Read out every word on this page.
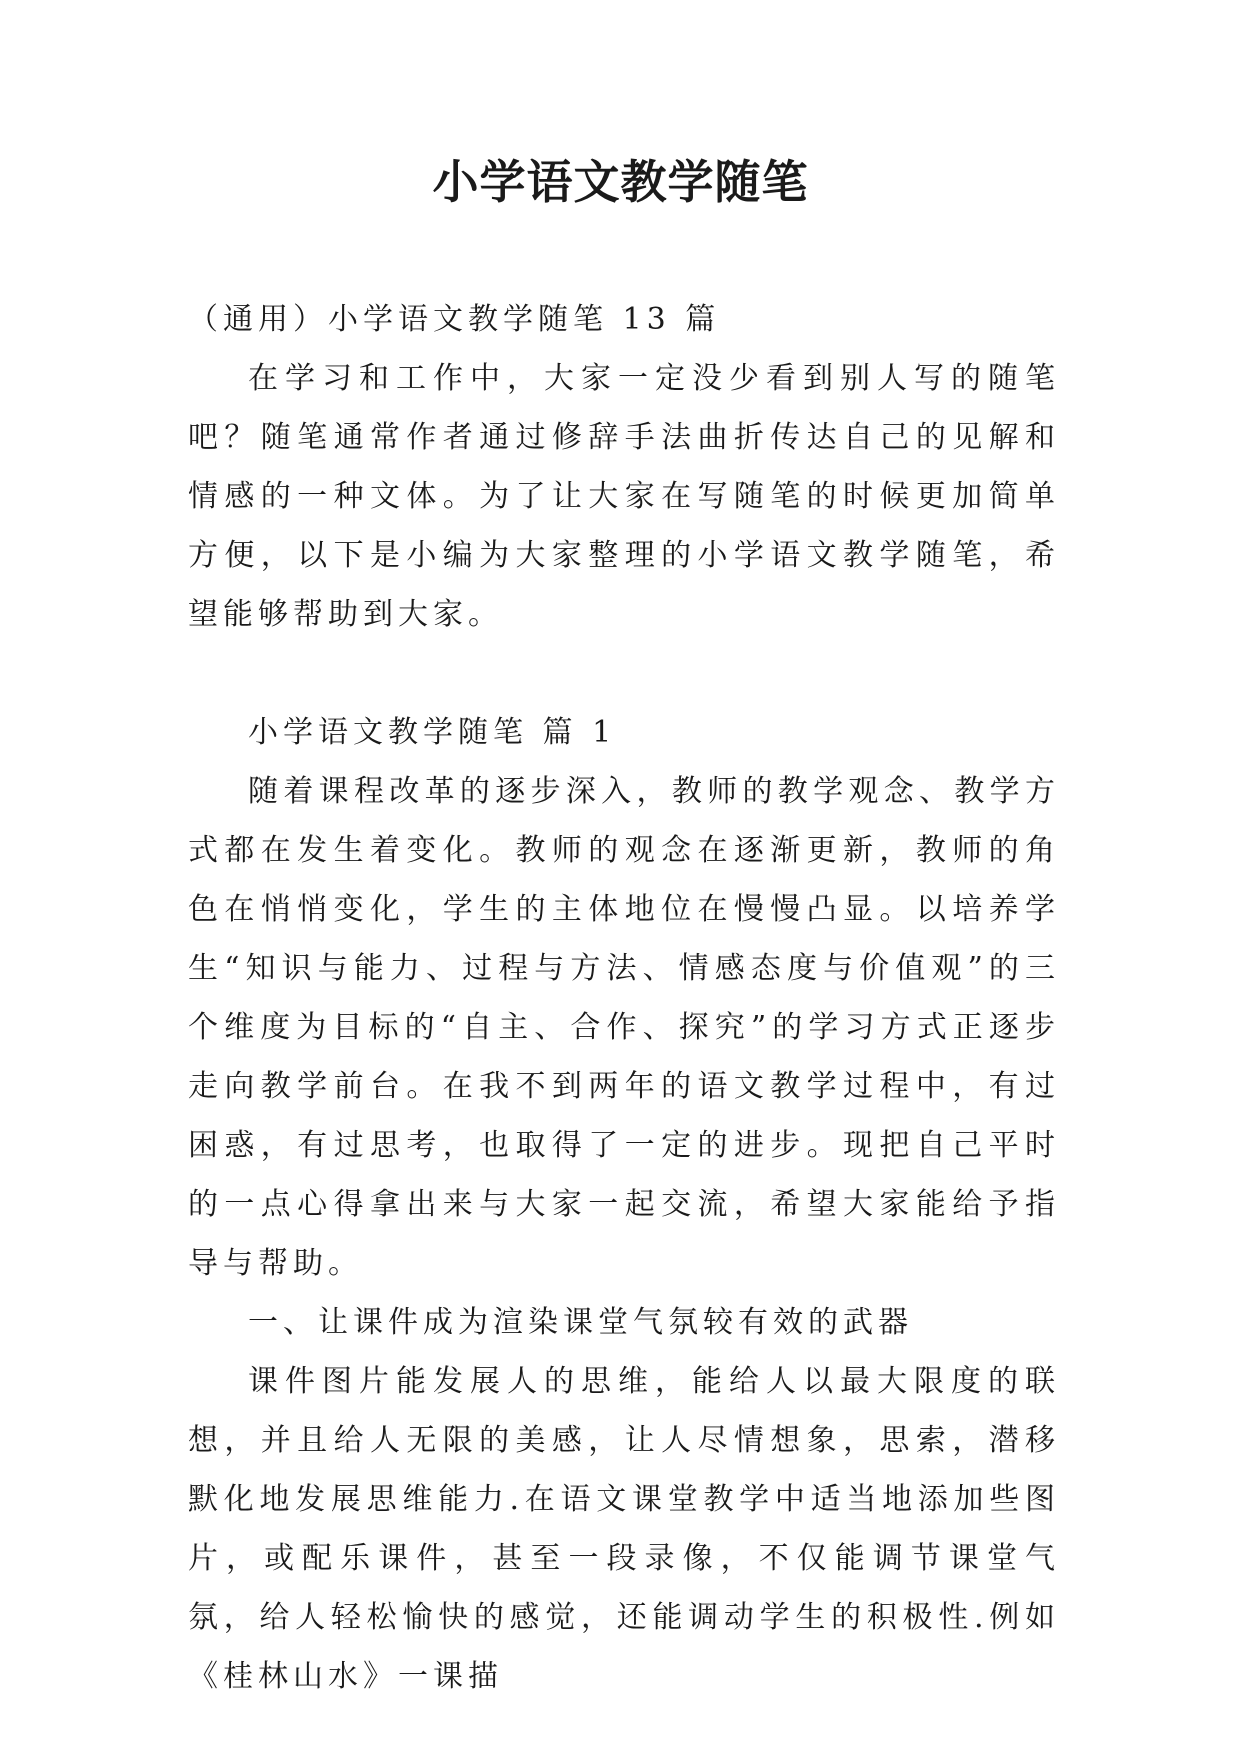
小学语文教学随笔

（通用）小学语文教学随笔 13 篇

在学习和工作中，大家一定没少看到别人写的随笔吧？随笔通常作者通过修辞手法曲折传达自己的见解和情感的一种文体。为了让大家在写随笔的时候更加简单方便，以下是小编为大家整理的小学语文教学随笔，希望能够帮助到大家。

小学语文教学随笔 篇 1

随着课程改革的逐步深入，教师的教学观念、教学方式都在发生着变化。教师的观念在逐渐更新，教师的角色在悄悄变化，学生的主体地位在慢慢凸显。以培养学生“知识与能力、过程与方法、情感态度与价值观”的三个维度为目标的“自主、合作、探究”的学习方式正逐步走向教学前台。在我不到两年的语文教学过程中，有过困惑，有过思考，也取得了一定的进步。现把自己平时的一点心得拿出来与大家一起交流，希望大家能给予指导与帮助。

一、让课件成为渲染课堂气氛较有效的武器

课件图片能发展人的思维，能给人以最大限度的联想，并且给人无限的美感，让人尽情想象，思索，潜移默化地发展思维能力.在语文课堂教学中适当地添加些图片，或配乐课件，甚至一段录像，不仅能调节课堂气氛，给人轻松愉快的感觉，还能调动学生的积极性.例如《桂林山水》一课描
